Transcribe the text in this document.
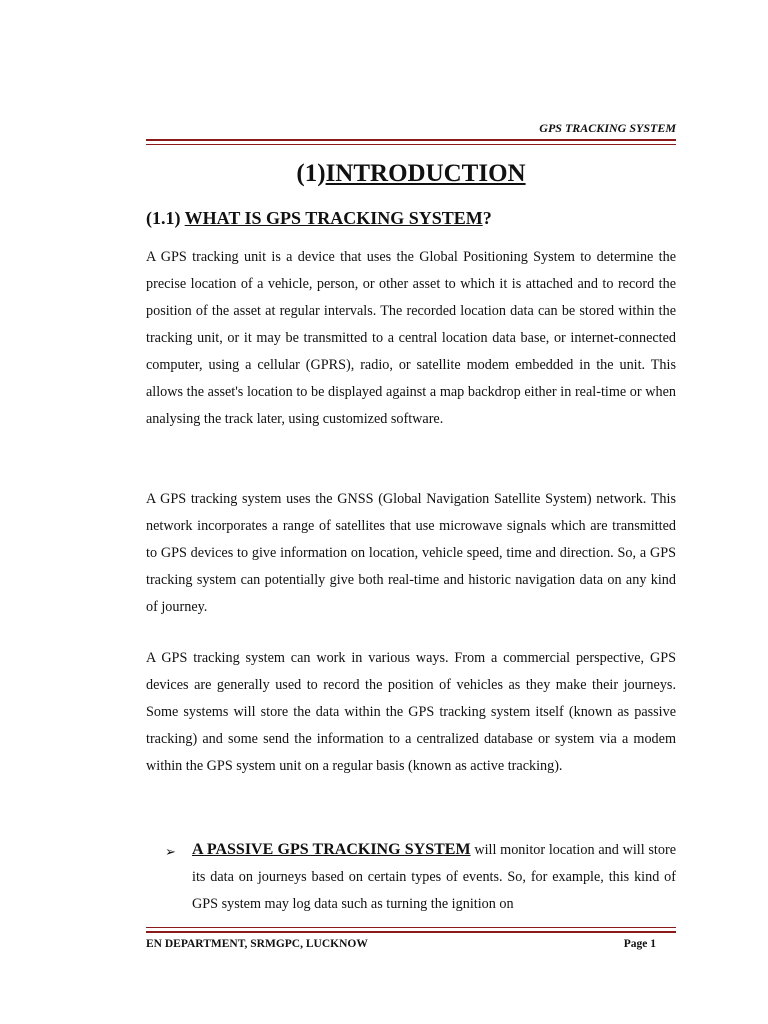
GPS TRACKING SYSTEM
(1)INTRODUCTION
(1.1) WHAT IS GPS TRACKING SYSTEM?

A GPS tracking unit is a device that uses the Global Positioning System to determine the precise location of a vehicle, person, or other asset to which it is attached and to record the position of the asset at regular intervals. The recorded location data can be stored within the tracking unit, or it may be transmitted to a central location data base, or internet-connected computer, using a cellular (GPRS), radio, or satellite modem embedded in the unit. This allows the asset's location to be displayed against a map backdrop either in real-time or when analysing the track later, using customized software.

A GPS tracking system uses the GNSS (Global Navigation Satellite System) network. This network incorporates a range of satellites that use microwave signals which are transmitted to GPS devices to give information on location, vehicle speed, time and direction. So, a GPS tracking system can potentially give both real-time and historic navigation data on any kind of journey.

A GPS tracking system can work in various ways. From a commercial perspective, GPS devices are generally used to record the position of vehicles as they make their journeys. Some systems will store the data within the GPS tracking system itself (known as passive tracking) and some send the information to a centralized database or system via a modem within the GPS system unit on a regular basis (known as active tracking).

➢ A PASSIVE GPS TRACKING SYSTEM will monitor location and will store its data on journeys based on certain types of events. So, for example, this kind of GPS system may log data such as turning the ignition on

EN DEPARTMENT, SRMGPC, LUCKNOW	Page 1
